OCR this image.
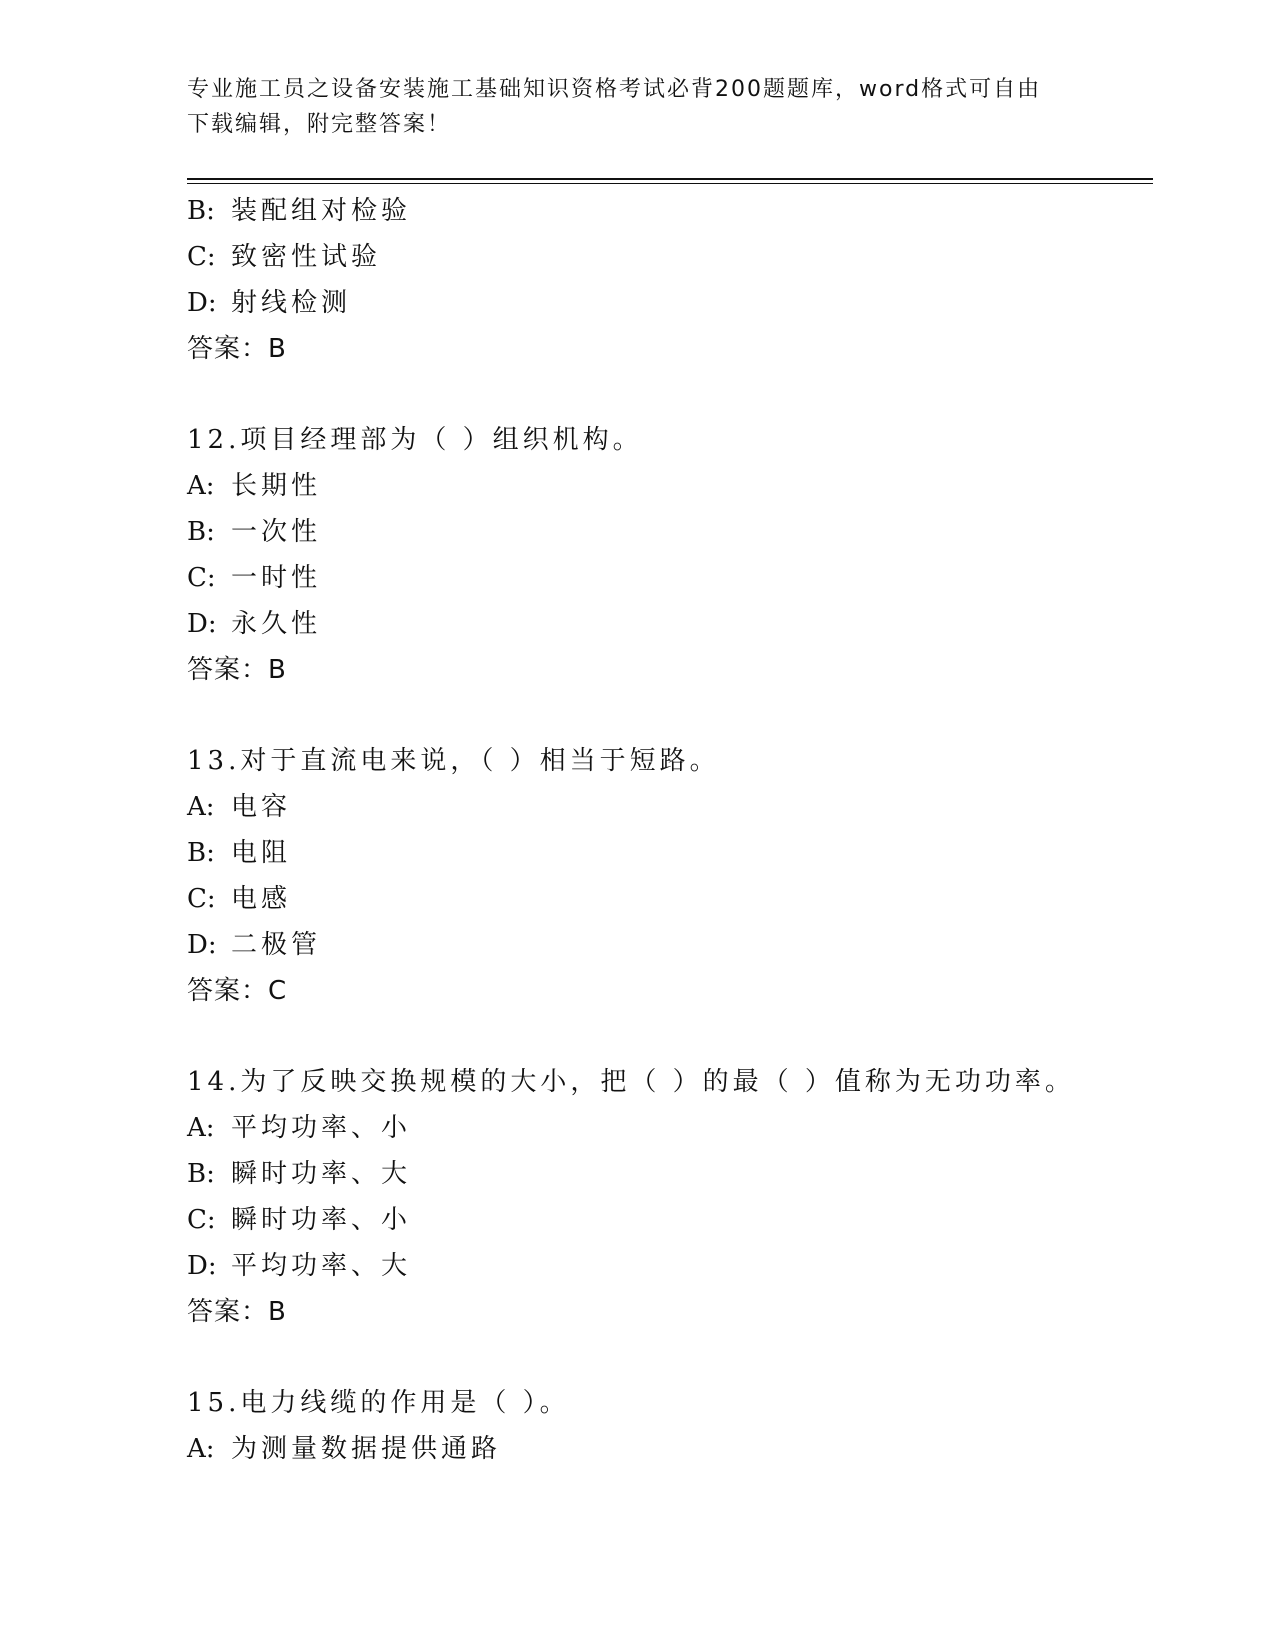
专业施工员之设备安装施工基础知识资格考试必背200题题库，word格式可自由
下载编辑，附完整答案！
B: 装配组对检验
C: 致密性试验
D: 射线检测
答案：B
12.项目经理部为（ ）组织机构。
A: 长期性
B: 一次性
C: 一时性
D: 永久性
答案：B
13.对于直流电来说，（ ）相当于短路。
A: 电容
B: 电阻
C: 电感
D: 二极管
答案：C
14.为了反映交换规模的大小，把（ ）的最（ ）值称为无功功率。
A: 平均功率、小
B: 瞬时功率、大
C: 瞬时功率、小
D: 平均功率、大
答案：B
15.电力线缆的作用是（ ）。
A: 为测量数据提供通路
